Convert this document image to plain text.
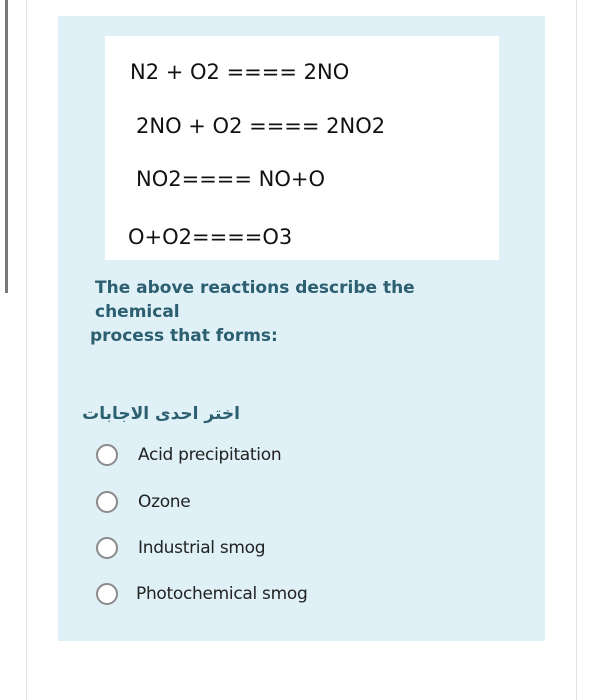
N2 + O2 ==== 2NO
2NO + O2 ==== 2NO2
NO2==== NO+O
O+O2====O3
The above reactions describe the chemical
process that forms:
اختر احدى الاجابات
Acid precipitation
Ozone
Industrial smog
Photochemical smog
